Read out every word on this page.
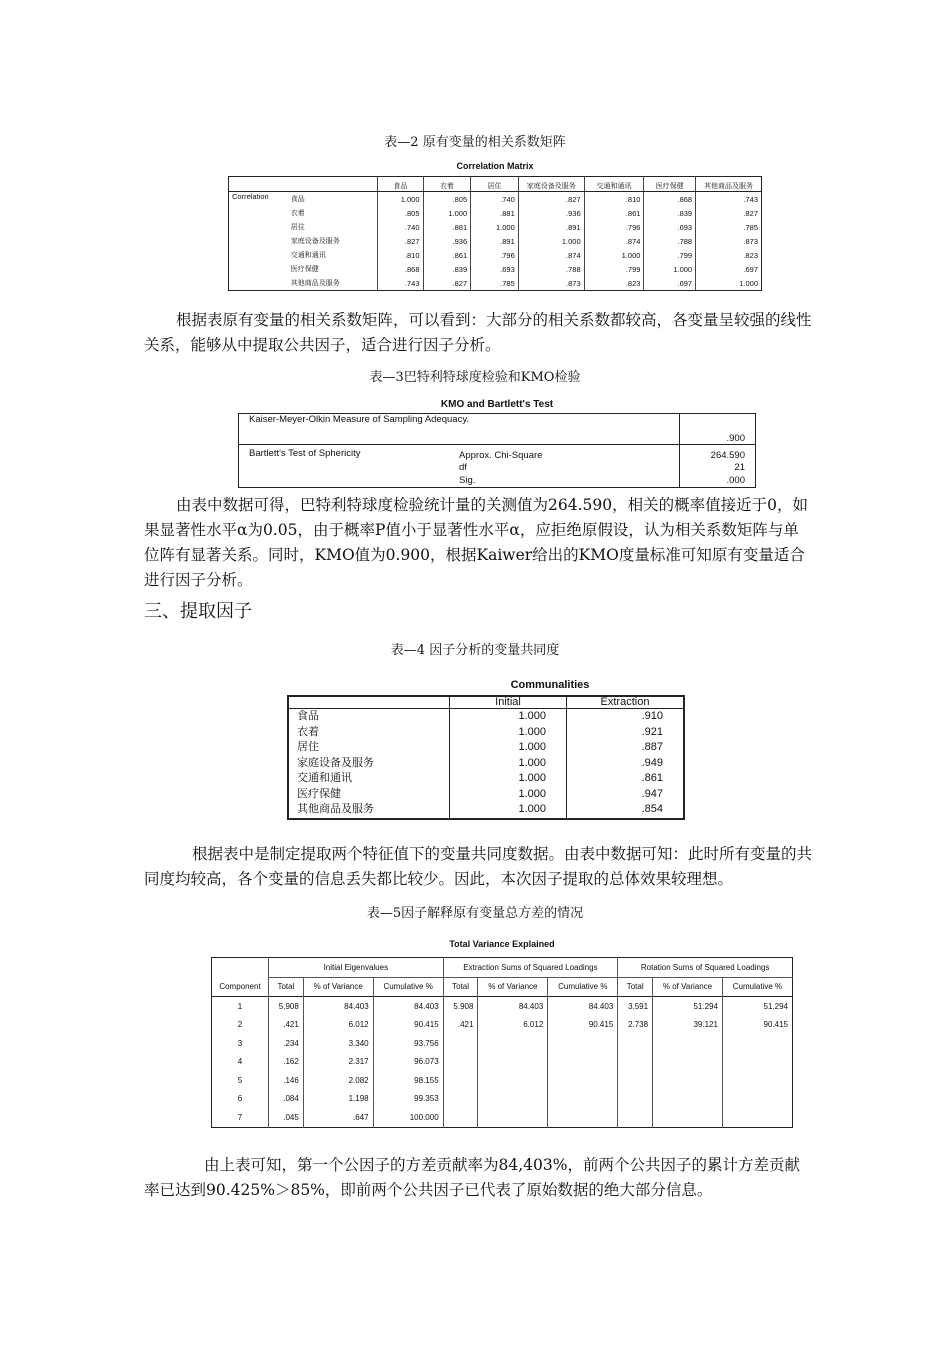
表—2 原有变量的相关系数矩阵
Correlation Matrix
		食品	衣着	居住	家庭设备及服务	交通和通讯	医疗保健	其他商品及服务
Correlation	食品	1.000	.805	.740	.827	.810	.868	.743
	衣着	.805	1.000	.881	.936	.861	.839	.827
	居住	.740	.881	1.000	.891	.796	.693	.785
	家庭设备及服务	.827	.936	.891	1.000	.874	.788	.873
	交通和通讯	.810	.861	.796	.874	1.000	.799	.823
	医疗保健	.868	.839	.693	.788	.799	1.000	.697
	其他商品及服务	.743	.827	.785	.873	.823	.697	1.000
根据表原有变量的相关系数矩阵，可以看到：大部分的相关系数都较高，各变量呈较强的线性关系，能够从中提取公共因子，适合进行因子分析。
表—3巴特利特球度检验和KMO检验
KMO and Bartlett's Test
Kaiser-Meyer-Olkin Measure of Sampling Adequacy.		.900
Bartlett's Test of Sphericity	Approx. Chi-Square	264.590
	df	21
	Sig.	.000
由表中数据可得，巴特利特球度检验统计量的关测值为264.590，相关的概率值接近于0，如果显著性水平α为0.05，由于概率P值小于显著性水平α，应拒绝原假设，认为相关系数矩阵与单位阵有显著关系。同时，KMO值为0.900，根据Kaiwer给出的KMO度量标准可知原有变量适合进行因子分析。
三、提取因子
表—4 因子分析的变量共同度
Communalities
	Initial	Extraction
食品	1.000	.910
衣着	1.000	.921
居住	1.000	.887
家庭设备及服务	1.000	.949
交通和通讯	1.000	.861
医疗保健	1.000	.947
其他商品及服务	1.000	.854
根据表中是制定提取两个特征值下的变量共同度数据。由表中数据可知：此时所有变量的共同度均较高，各个变量的信息丢失都比较少。因此，本次因子提取的总体效果较理想。
表—5因子解释原有变量总方差的情况
Total Variance Explained
	Initial Eigenvalues			Extraction Sums of Squared Loadings			Rotation Sums of Squared Loadings		
Component	Total	% of Variance	Cumulative %	Total	% of Variance	Cumulative %	Total	% of Variance	Cumulative %
1	5.908	84.403	84.403	5.908	84.403	84.403	3.591	51.294	51.294
2	.421	6.012	90.415	.421	6.012	90.415	2.738	39.121	90.415
3	.234	3.340	93.756						
4	.162	2.317	96.073						
5	.146	2.082	98.155						
6	.084	1.198	99.353						
7	.045	.647	100.000						
由上表可知，第一个公因子的方差贡献率为84,403%，前两个公共因子的累计方差贡献率已达到90.425%＞85%，即前两个公共因子已代表了原始数据的绝大部分信息。
